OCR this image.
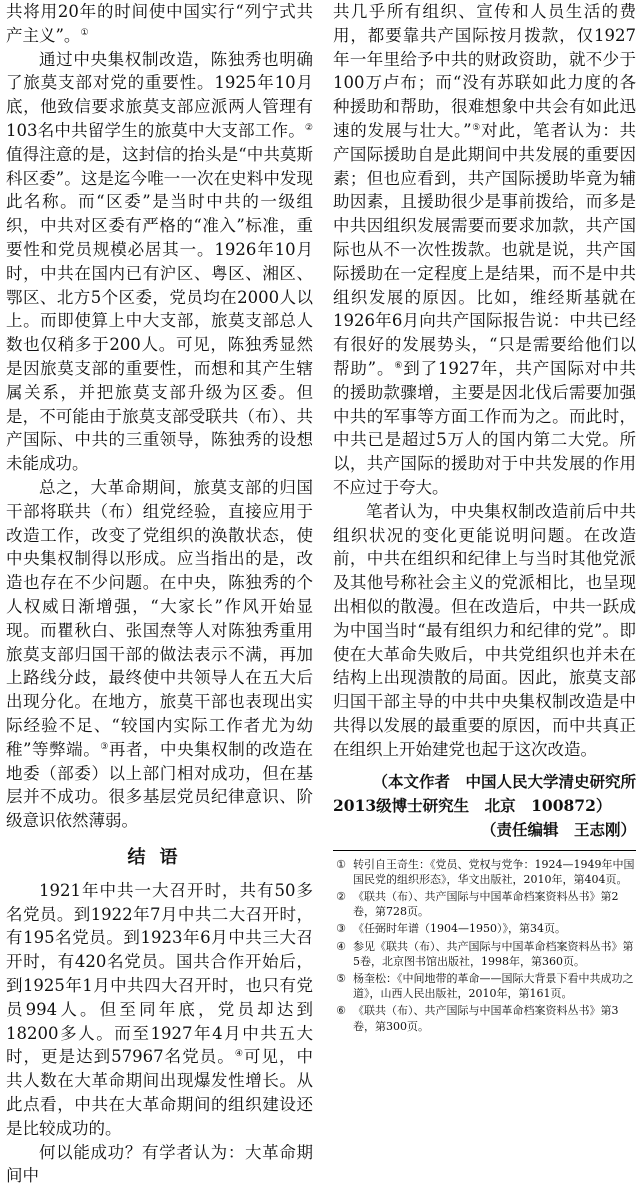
共将用20年的时间使中国实行“列宁式共产主义”。①

通过中央集权制改造，陈独秀也明确了旅莫支部对党的重要性。1925年10月底，他致信要求旅莫支部应派两人管理有103名中共留学生的旅莫中大支部工作。②值得注意的是，这封信的抬头是“中共莫斯科区委”。这是迄今唯一一次在史料中发现此名称。而“区委”是当时中共的一级组织，中共对区委有严格的“准入”标准，重要性和党员规模必居其一。1926年10月时，中共在国内已有沪区、粤区、湘区、鄂区、北方5个区委，党员均在2000人以上。而即使算上中大支部，旅莫支部总人数也仅稍多于200人。可见，陈独秀显然是因旅莫支部的重要性，而想和其产生辖属关系，并把旅莫支部升级为区委。但是，不可能由于旅莫支部受联共（布）、共产国际、中共的三重领导，陈独秀的设想未能成功。

总之，大革命期间，旅莫支部的归国干部将联共（布）组党经验，直接应用于改造工作，改变了党组织的涣散状态，使中央集权制得以形成。应当指出的是，改造也存在不少问题。在中央，陈独秀的个人权威日渐增强，“大家长”作风开始显现。而瞿秋白、张国焘等人对陈独秀重用旅莫支部归国干部的做法表示不满，再加上路线分歧，最终使中共领导人在五大后出现分化。在地方，旅莫干部也表现出实际经验不足、“较国内实际工作者尤为幼稚”等弊端。③再者，中央集权制的改造在地委（部委）以上部门相对成功，但在基层并不成功。很多基层党员纪律意识、阶级意识依然薄弱。

结语

1921年中共一大召开时，共有50多名党员。到1922年7月中共二大召开时，有195名党员。到1923年6月中共三大召开时，有420名党员。国共合作开始后，到1925年1月中共四大召开时，也只有党员994人。但至同年底，党员却达到18200多人。而至1927年4月中共五大时，更是达到57967名党员。④可见，中共人数在大革命期间出现爆发性增长。从此点看，中共在大革命期间的组织建设还是比较成功的。

何以能成功？有学者认为：大革命期间中

共几乎所有组织、宣传和人员生活的费用，都要靠共产国际按月拨款，仅1927年一年里给予中共的财政资助，就不少于100万卢布；而“没有苏联如此力度的各种援助和帮助，很难想象中共会有如此迅速的发展与壮大。”⑤对此，笔者认为：共产国际援助自是此期间中共发展的重要因素；但也应看到，共产国际援助毕竟为辅助因素，且援助很少是事前拨给，而多是中共因组织发展需要而要求加款，共产国际也从不一次性拨款。也就是说，共产国际援助在一定程度上是结果，而不是中共组织发展的原因。比如，维经斯基就在1926年6月向共产国际报告说：中共已经有很好的发展势头，“只是需要给他们以帮助”。⑥到了1927年，共产国际对中共的援助款骤增，主要是因北伐后需要加强中共的军事等方面工作而为之。而此时，中共已是超过5万人的国内第二大党。所以，共产国际的援助对于中共发展的作用不应过于夸大。

笔者认为，中央集权制改造前后中共组织状况的变化更能说明问题。在改造前，中共在组织和纪律上与当时其他党派及其他号称社会主义的党派相比，也呈现出相似的散漫。但在改造后，中共一跃成为中国当时“最有组织力和纪律的党”。即使在大革命失败后，中共党组织也并未在结构上出现溃散的局面。因此，旅莫支部归国干部主导的中共中央集权制改造是中共得以发展的最重要的原因，而中共真正在组织上开始建党也起于这次改造。

（本文作者　中国人民大学清史研究所
2013级博士研究生　北京　100872）
（责任编辑　王志刚）

① 转引自王奇生：《党员、党权与党争：1924—1949年中国国民党的组织形态》，华文出版社，2010年，第404页。
② 《联共（布）、共产国际与中国革命档案资料丛书》第2卷，第728页。
③ 《任弼时年谱（1904—1950）》，第34页。
④ 参见《联共（布）、共产国际与中国革命档案资料丛书》第5卷，北京图书馆出版社，1998年，第360页。
⑤ 杨奎松：《中间地带的革命——国际大背景下看中共成功之道》，山西人民出版社，2010年，第161页。
⑥ 《联共（布）、共产国际与中国革命档案资料丛书》第3卷，第300页。
